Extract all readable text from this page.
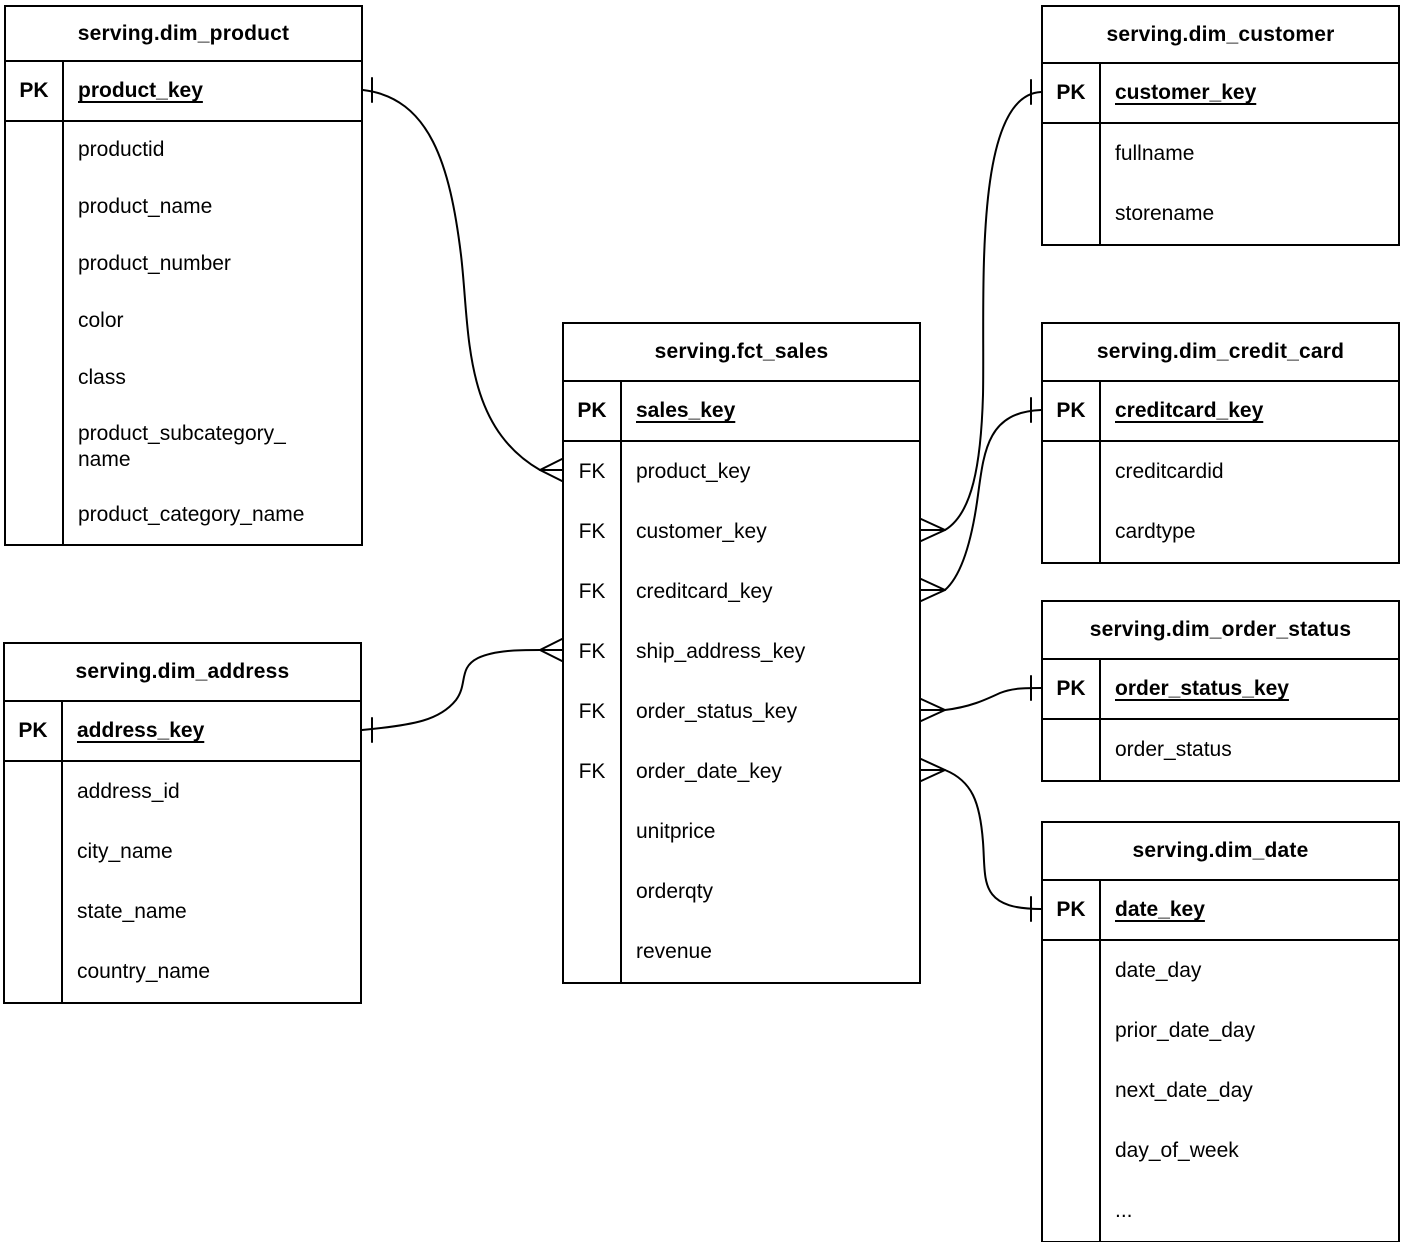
serving.dim_product
PK	product_key
productid
product_name
product_number
color
class
product_subcategory_name
product_category_name
serving.dim_customer
PK	customer_key
fullname
storename
serving.fct_sales
PK	sales_key
FK	product_key
FK	customer_key
FK	creditcard_key
FK	ship_address_key
FK	order_status_key
FK	order_date_key
unitprice
orderqty
revenue
serving.dim_credit_card
PK	creditcard_key
creditcardid
cardtype
serving.dim_address
PK	address_key
address_id
city_name
state_name
country_name
serving.dim_order_status
PK	order_status_key
order_status
serving.dim_date
PK	date_key
date_day
prior_date_day
next_date_day
day_of_week
...
